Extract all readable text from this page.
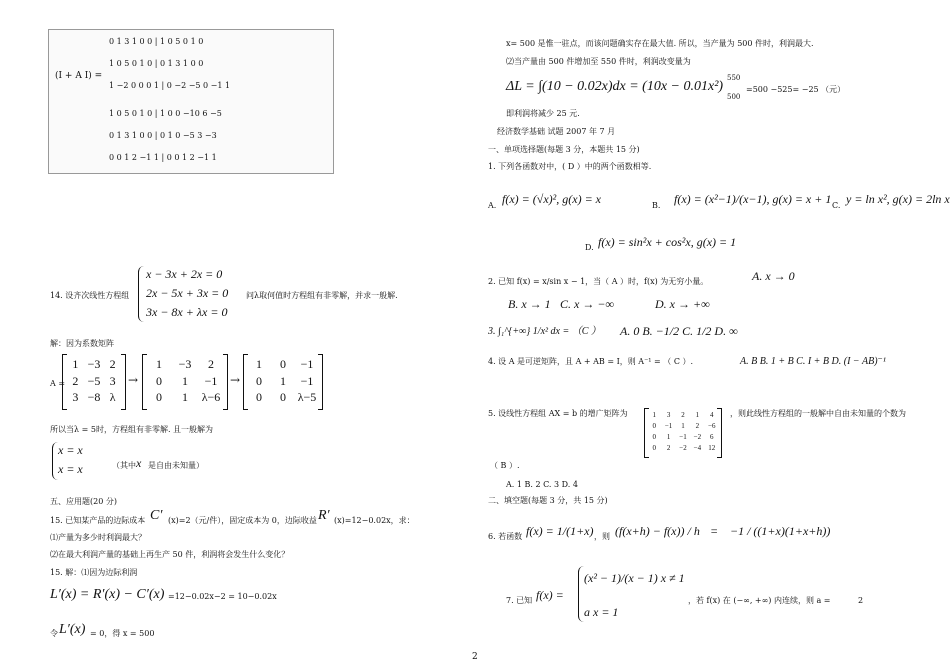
(I + A I) =
0 1 3 1 0 0 | 1 0 5 0 1 0
1 0 5 0 1 0 | 0 1 3 1 0 0
1 −2 0 0 0 1 | 0 −2 −5 0 −1 1
1 0 5 0 1 0 | 1 0 0 −10 6 −5
0 1 3 1 0 0 | 0 1 0 −5 3 −3
0 0 1 2 −1 1 | 0 0 1 2 −1 1
14. 设齐次线性方程组
x − 3x + 2x = 0
2x − 5x + 3x = 0
3x − 8x + λx = 0
问λ取何值时方程组有非零解，并求一般解.
解：因为系数矩阵
A =
1 −3 2
2 −5 3
3 −8 λ
→
1	−3	2
0	1	−1
0	1	λ−6
→
1	0	−1
0	1	−1
0	0 λ−5
所以当λ = 5时，方程组有非零解. 且一般解为
x = x
x = x	（其中 x 是自由未知量）
五、应用题(20 分)
15. 已知某产品的边际成本 C′ (x)=2（元/件），固定成本为 0，边际收益 R′ (x)=12−0.02x，求：
⑴产量为多少时利润最大？
⑵在最大利润产量的基础上再生产 50 件，利润将会发生什么变化？
15. 解：⑴因为边际利润
L′(x) = R′(x) − C′(x) =12−0.02x−2 = 10−0.02x
令 L′(x) = 0，得 x = 500
x= 500 是惟一驻点，而该问题确实存在最大值. 所以，当产量为 500 件时，利润最大.
⑵当产量由 500 件增加至 550 件时，利润改变量为
ΔL = ∫(10 − 0.02x)dx = (10x − 0.01x²)
550
500
=500 −525= −25 （元）
即利润将减少 25 元.
经济数学基础 试题 2007 年 7 月
一、单项选择题(每题 3 分，本题共 15 分)
1. 下列各函数对中，( D ）中的两个函数相等.
A. f(x) = (√x)², g(x) = x	B. f(x) = (x²−1)/(x−1), g(x) = x + 1 C. y = ln x², g(x) = 2ln x
D. f(x) = sin²x + cos²x, g(x) = 1
2. 已知 f(x) = x/sin x − 1，当（ A ）时，f(x) 为无穷小量。	A. x → 0
B. x → 1 C. x → −∞	D. x → +∞
3. ∫₁^{+∞} 1/x² dx = （C ） A. 0 B. −1/2 C. 1/2 D. ∞
4. 设 A 是可逆矩阵，且 A + AB = I，则 A⁻¹ = （ C ）.	A. B B. 1 + B C. I + B D. (I − AB)⁻¹
5. 设线性方程组 AX = b 的增广矩阵为	1	3	2	1	4
0	−1	1	2	−6
0	1	−1 −2	6
0	2	−2 −4	12
，则此线性方程组的一般解中自由未知量的个数为
（ B ）.
A. 1 B. 2 C. 3 D. 4
二、填空题(每题 3 分，共 15 分)
6. 若函数 f(x) = 1/(1+x) ，则 (f(x+h) − f(x)) / h = −1 / ((1+x)(1+x+h))
7. 已知 f(x) =
(x² − 1)/(x − 1) x ≠ 1
a x = 1
，若 f(x) 在 (−∞, +∞) 内连续，则 a =	2
2
